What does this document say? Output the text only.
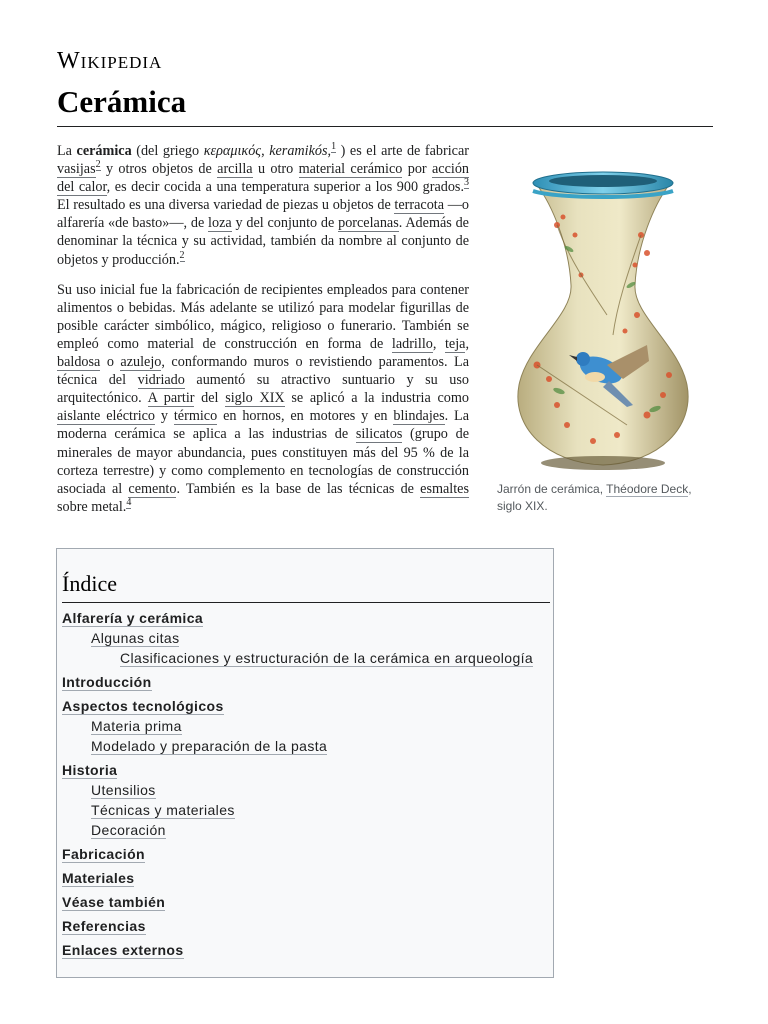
Wikipedia
Cerámica

La cerámica (del griego κεραμικός, keramikós,$^1$ ) es el arte de fabricar vasijas$^2$ y otros objetos de arcilla u otro material cerámico por acción del calor, es decir cocida a una temperatura superior a los 900 grados.$^3$ El resultado es una diversa variedad de piezas u objetos de terracota —o alfarería «de basto»—, de loza y del conjunto de porcelanas. Además de denominar la técnica y su actividad, también da nombre al conjunto de objetos y producción.$^2$

Su uso inicial fue la fabricación de recipientes empleados para contener alimentos o bebidas. Más adelante se utilizó para modelar figurillas de posible carácter simbólico, mágico, religioso o funerario. También se empleó como material de construcción en forma de ladrillo, teja, baldosa o azulejo, conformando muros o revistiendo paramentos. La técnica del vidriado aumentó su atractivo suntuario y su uso arquitectónico. A partir del siglo XIX se aplicó a la industria como aislante eléctrico y térmico en hornos, en motores y en blindajes. La moderna cerámica se aplica a las industrias de silicatos (grupo de minerales de mayor abundancia, pues constituyen más del 95 % de la corteza terrestre) y como complemento en tecnologías de construcción asociada al cemento. También es la base de las técnicas de esmaltes sobre metal.$^4$

Jarrón de cerámica, Théodore Deck, siglo XIX.
Índice
Alfarería y cerámica
Algunas citas
Clasificaciones y estructuración de la cerámica en arqueología
Introducción
Aspectos tecnológicos
Materia prima
Modelado y preparación de la pasta
Historia
Utensilios
Técnicas y materiales
Decoración
Fabricación
Materiales
Véase también
Referencias
Enlaces externos
